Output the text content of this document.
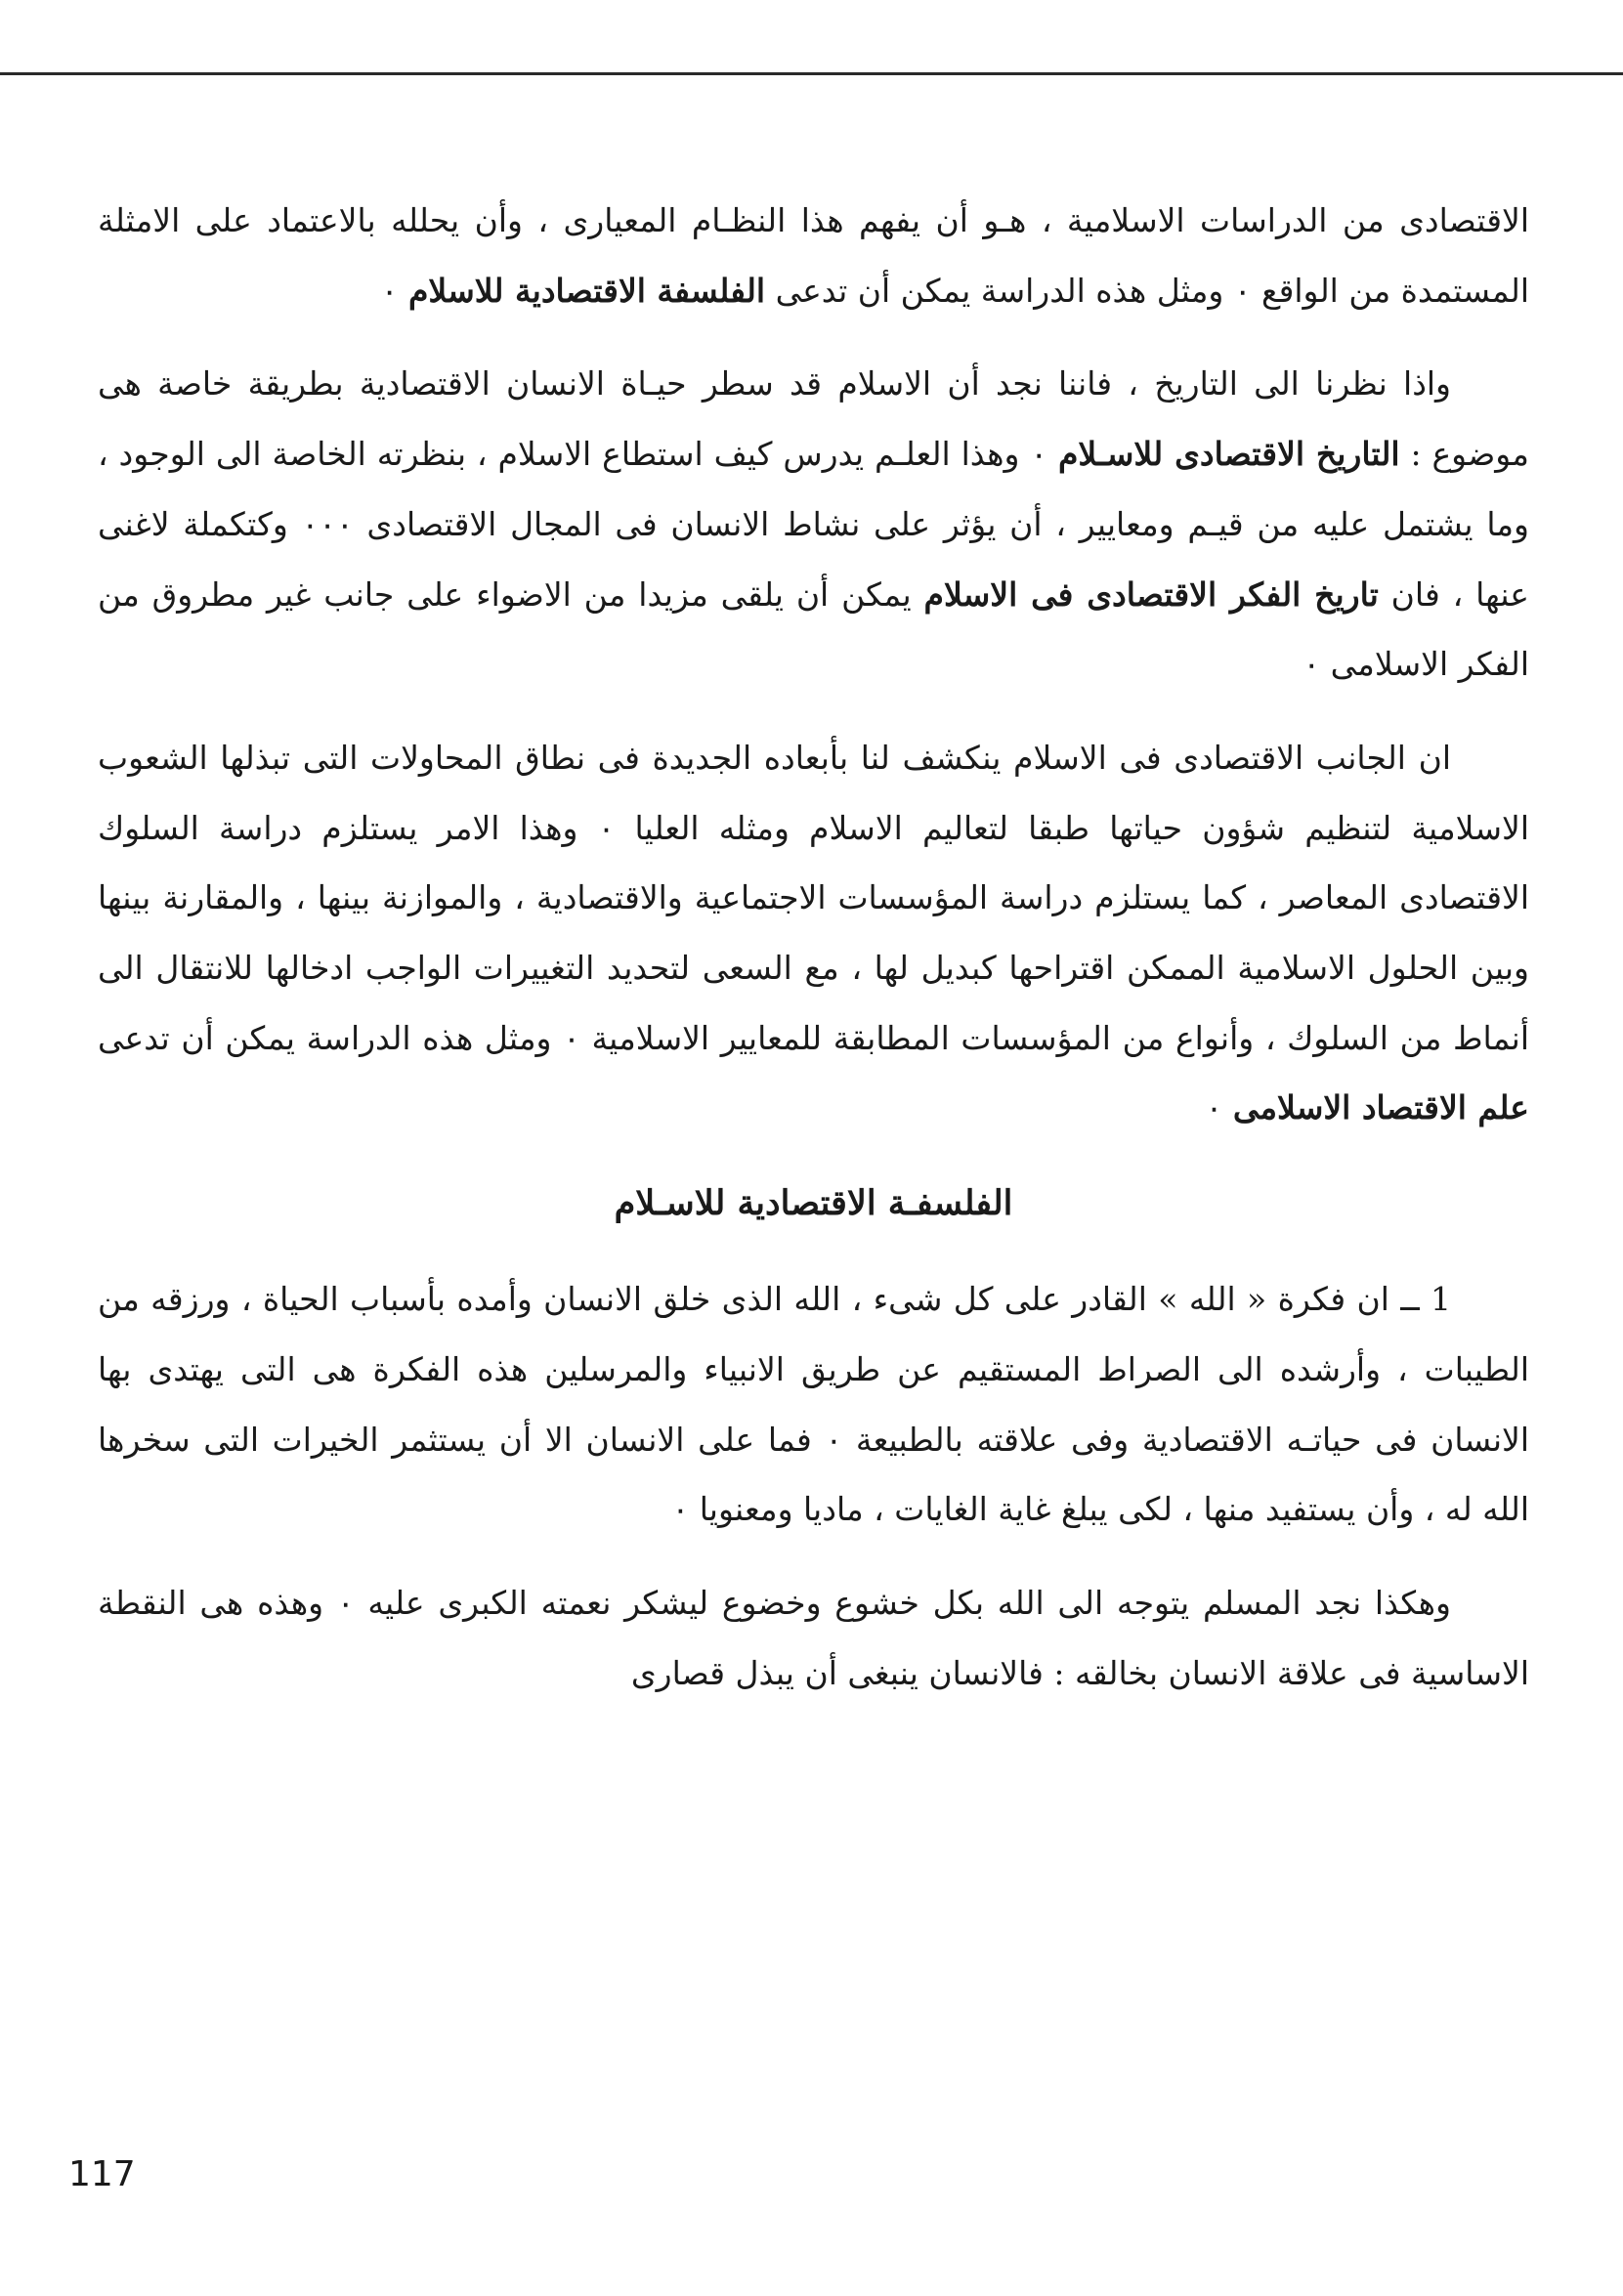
الاقتصادى من الدراسات الاسلامية ، هـو أن يفهم هذا النظـام المعيارى ، وأن يحلله بالاعتماد على الامثلة المستمدة من الواقع ٠ ومثل هذه الدراسة يمكن أن تدعى الفلسفة الاقتصادية للاسلام ٠

واذا نظرنا الى التاريخ ، فاننا نجد أن الاسلام قد سطر حيـاة الانسان الاقتصادية بطريقة خاصة هى موضوع : التاريخ الاقتصادى للاسـلام ٠ وهذا العلـم يدرس كيف استطاع الاسلام ، بنظرته الخاصة الى الوجود ، وما يشتمل عليه من قيـم ومعايير ، أن يؤثر على نشاط الانسان فى المجال الاقتصادى ٠٠٠ وكتكملة لاغنى عنها ، فان تاريخ الفكر الاقتصادى فى الاسلام يمكن أن يلقى مزيدا من الاضواء على جانب غير مطروق من الفكر الاسلامى ٠

ان الجانب الاقتصادى فى الاسلام ينكشف لنا بأبعاده الجديدة فى نطاق المحاولات التى تبذلها الشعوب الاسلامية لتنظيم شؤون حياتها طبقا لتعاليم الاسلام ومثله العليا ٠ وهذا الامر يستلزم دراسة السلوك الاقتصادى المعاصر ، كما يستلزم دراسة المؤسسات الاجتماعية والاقتصادية ، والموازنة بينها ، والمقارنة بينها وبين الحلول الاسلامية الممكن اقتراحها كبديل لها ، مع السعى لتحديد التغييرات الواجب ادخالها للانتقال الى أنماط من السلوك ، وأنواع من المؤسسات المطابقة للمعايير الاسلامية ٠ ومثل هذه الدراسة يمكن أن تدعى علم الاقتصاد الاسلامى ٠

الفلسفـة الاقتصادية للاسـلام

1 ــ ان فكرة « الله » القادر على كل شىء ، الله الذى خلق الانسان وأمده بأسباب الحياة ، ورزقه من الطيبات ، وأرشده الى الصراط المستقيم عن طريق الانبياء والمرسلين هذه الفكرة هى التى يهتدى بها الانسان فى حياتـه الاقتصادية وفى علاقته بالطبيعة ٠ فما على الانسان الا أن يستثمر الخيرات التى سخرها الله له ، وأن يستفيد منها ، لكى يبلغ غاية الغايات ، ماديا ومعنويا ٠

وهكذا نجد المسلم يتوجه الى الله بكل خشوع وخضوع ليشكر نعمته الكبرى عليه ٠ وهذه هى النقطة الاساسية فى علاقة الانسان بخالقه : فالانسان ينبغى أن يبذل قصارى

117
